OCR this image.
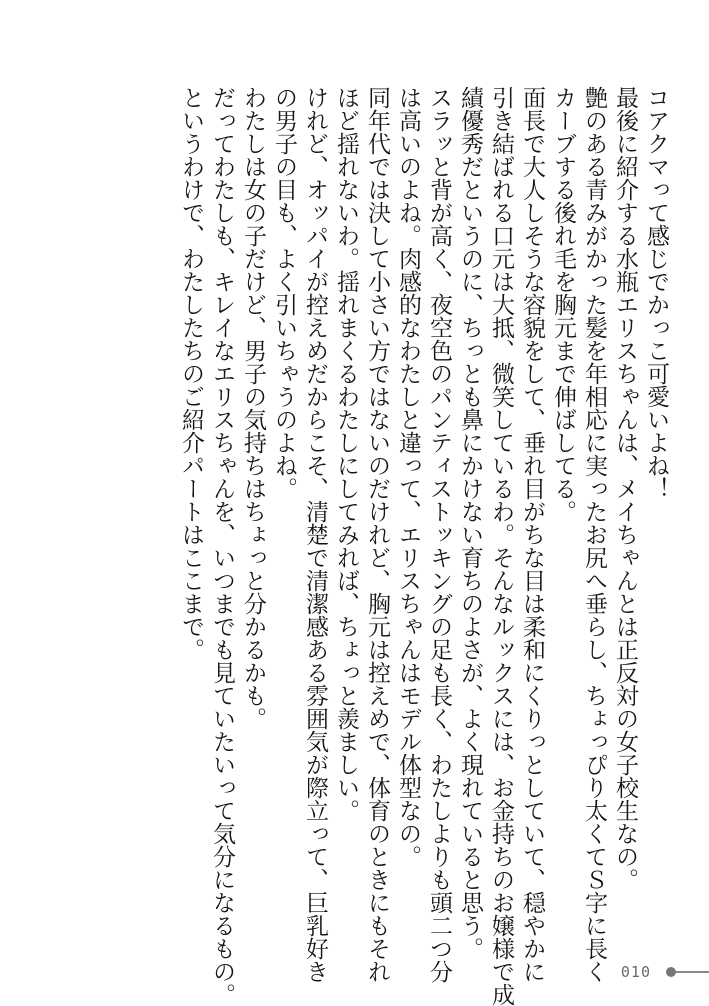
コアクマって感じでかっこ可愛いよね！
最後に紹介する水瓶エリスちゃんは、メイちゃんとは正反対の女子校生なの。
艶のある青みがかった髪を年相応に実ったお尻へ垂らし、ちょっぴり太くてＳ字に長く
カーブする後れ毛を胸元まで伸ばしてる。
面長で大人しそうな容貌をして、垂れ目がちな目は柔和にくりっとしていて、穏やかに
引き結ばれる口元は大抵、微笑しているわ。そんなルックスには、お金持ちのお嬢様で成
績優秀だというのに、ちっとも鼻にかけない育ちのよさが、よく現れていると思う。
スラッと背が高く、夜空色のパンティストッキングの足も長く、わたしよりも頭二つ分
は高いのよね。肉感的なわたしと違って、エリスちゃんはモデル体型なの。
同年代では決して小さい方ではないのだけれど、胸元は控えめで、体育のときにもそれ
ほど揺れないわ。揺れまくるわたしにしてみれば、ちょっと羨ましい。
けれど、オッパイが控えめだからこそ、清楚で清潔感ある雰囲気が際立って、巨乳好き
の男子の目も、よく引いちゃうのよね。
わたしは女の子だけど、男子の気持ちはちょっと分かるかも。
だってわたしも、キレイなエリスちゃんを、いつまでも見ていたいって気分になるもの。
というわけで、わたしたちのご紹介パートはここまで。
010
